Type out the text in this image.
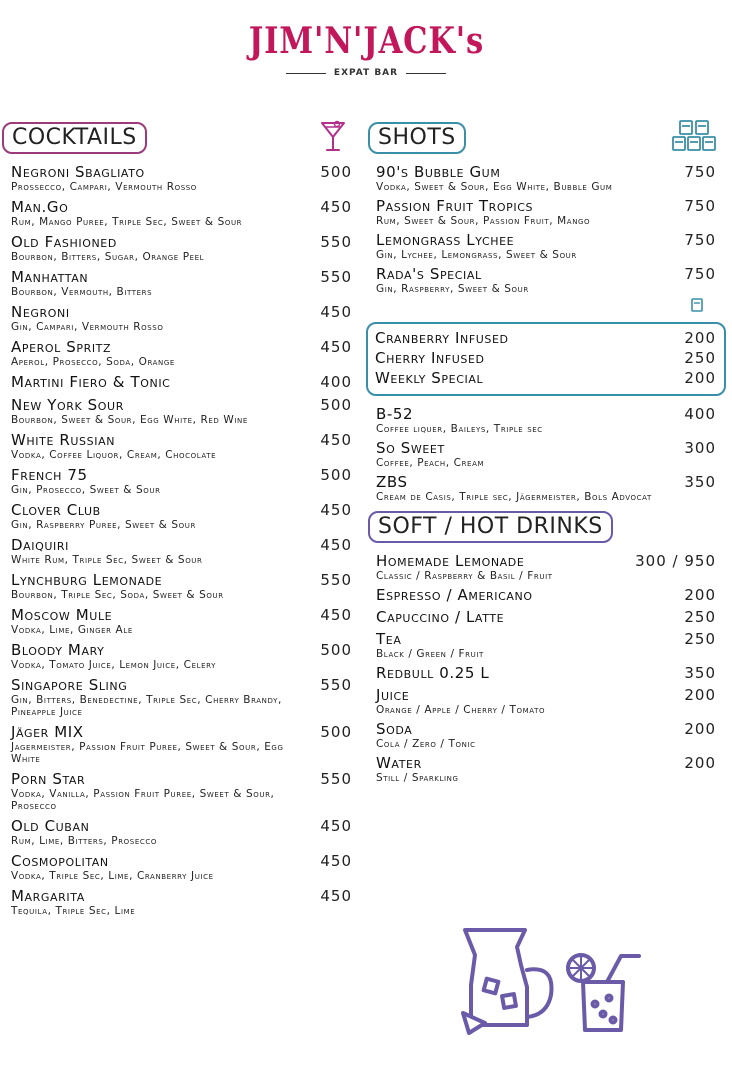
JIM'N'JACK's
EXPAT BAR
COCKTAILS
Negroni Sbagliato	500
Prossecco, Campari, Vermouth Rosso
Man.Go	450
Rum, Mango Puree, Triple Sec, Sweet & Sour
Old Fashioned	550
Bourbon, Bitters, Sugar, Orange Peel
Manhattan	550
Bourbon, Vermouth, Bitters
Negroni	450
Gin, Campari, Vermouth Rosso
Aperol Spritz	450
Aperol, Prosecco, Soda, Orange
Martini Fiero & Tonic	400
New York Sour	500
Bourbon, Sweet & Sour, Egg White, Red Wine
White Russian	450
Vodka, Coffee Liquor, Cream, Chocolate
French 75	500
Gin, Prosecco, Sweet & Sour
Clover Club	450
Gin, Raspberry Puree, Sweet & Sour
Daiquiri	450
White Rum, Triple Sec, Sweet & Sour
Lynchburg Lemonade	550
Bourbon, Triple Sec, Soda, Sweet & Sour
Moscow Mule	450
Vodka, Lime, Ginger Ale
Bloody Mary	500
Vodka, Tomato Juice, Lemon Juice, Celery
Singapore Sling	550
Gin, Bitters, Benedectine, Triple Sec, Cherry Brandy, Pineapple Juice
Jäger MIX	500
Jagermeister, Passion Fruit Puree, Sweet & Sour, Egg White
Porn Star	550
Vodka, Vanilla, Passion Fruit Puree, Sweet & Sour, Prosecco
Old Cuban	450
Rum, Lime, Bitters, Prosecco
Cosmopolitan	450
Vodka, Triple Sec, Lime, Cranberry Juice
Margarita	450
Tequila, Triple Sec, Lime
SHOTS
90's Bubble Gum	750
Vodka, Sweet & Sour, Egg White, Bubble Gum
Passion Fruit Tropics	750
Rum, Sweet & Sour, Passion Fruit, Mango
Lemongrass Lychee	750
Gin, Lychee, Lemongrass, Sweet & Sour
Rada's Special	750
Gin, Raspberry, Sweet & Sour
Cranberry Infused	200
Cherry Infused	250
Weekly Special	200
B-52	400
Coffee liquer, Baileys, Triple sec
So Sweet	300
Coffee, Peach, Cream
ZBS	350
Cream de Casis, Triple sec, Jägermeister, Bols Advocat
SOFT / HOT DRINKS
Homemade Lemonade	300 / 950
Classic / Raspberry & Basil / Fruit
Espresso / Americano	200
Capuccino / Latte	250
Tea	250
Black / Green / Fruit
Redbull 0.25 L	350
Juice	200
Orange / Apple / Cherry / Tomato
Soda	200
Cola / Zero / Tonic
Water	200
Still / Sparkling
